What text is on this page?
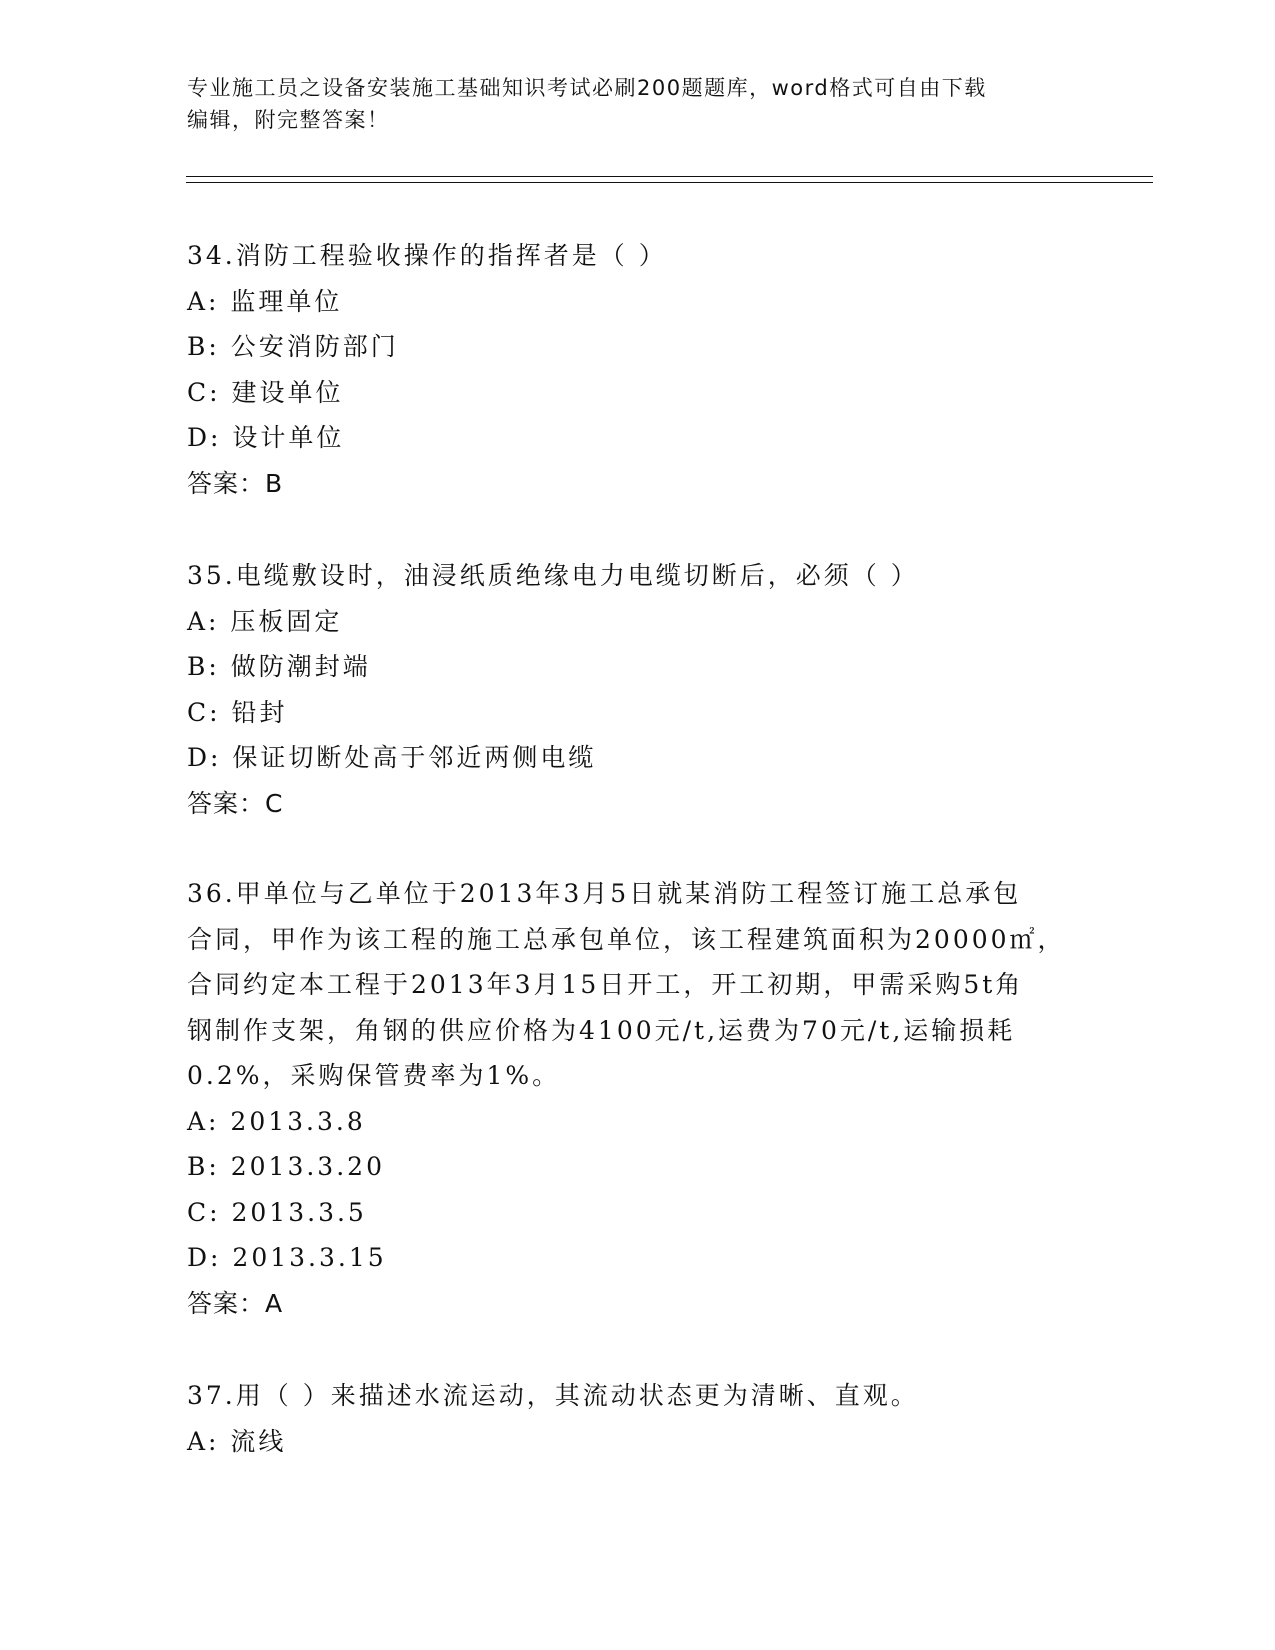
专业施工员之设备安装施工基础知识考试必刷200题题库，word格式可自由下载
编辑，附完整答案！

34.消防工程验收操作的指挥者是（ ）

A: 监理单位

B: 公安消防部门

C: 建设单位

D: 设计单位

答案：B

35.电缆敷设时，油浸纸质绝缘电力电缆切断后，必须（ ）

A: 压板固定

B: 做防潮封端

C: 铅封

D: 保证切断处高于邻近两侧电缆

答案：C

36.甲单位与乙单位于2013年3月5日就某消防工程签订施工总承包

合同，甲作为该工程的施工总承包单位，该工程建筑面积为20000㎡，

合同约定本工程于2013年3月15日开工，开工初期，甲需采购5t角

钢制作支架，角钢的供应价格为4100元/t,运费为70元/t,运输损耗

0.2%，采购保管费率为1%。

A: 2013.3.8

B: 2013.3.20

C: 2013.3.5

D: 2013.3.15

答案：A

37.用（ ）来描述水流运动，其流动状态更为清晰、直观。

A: 流线
